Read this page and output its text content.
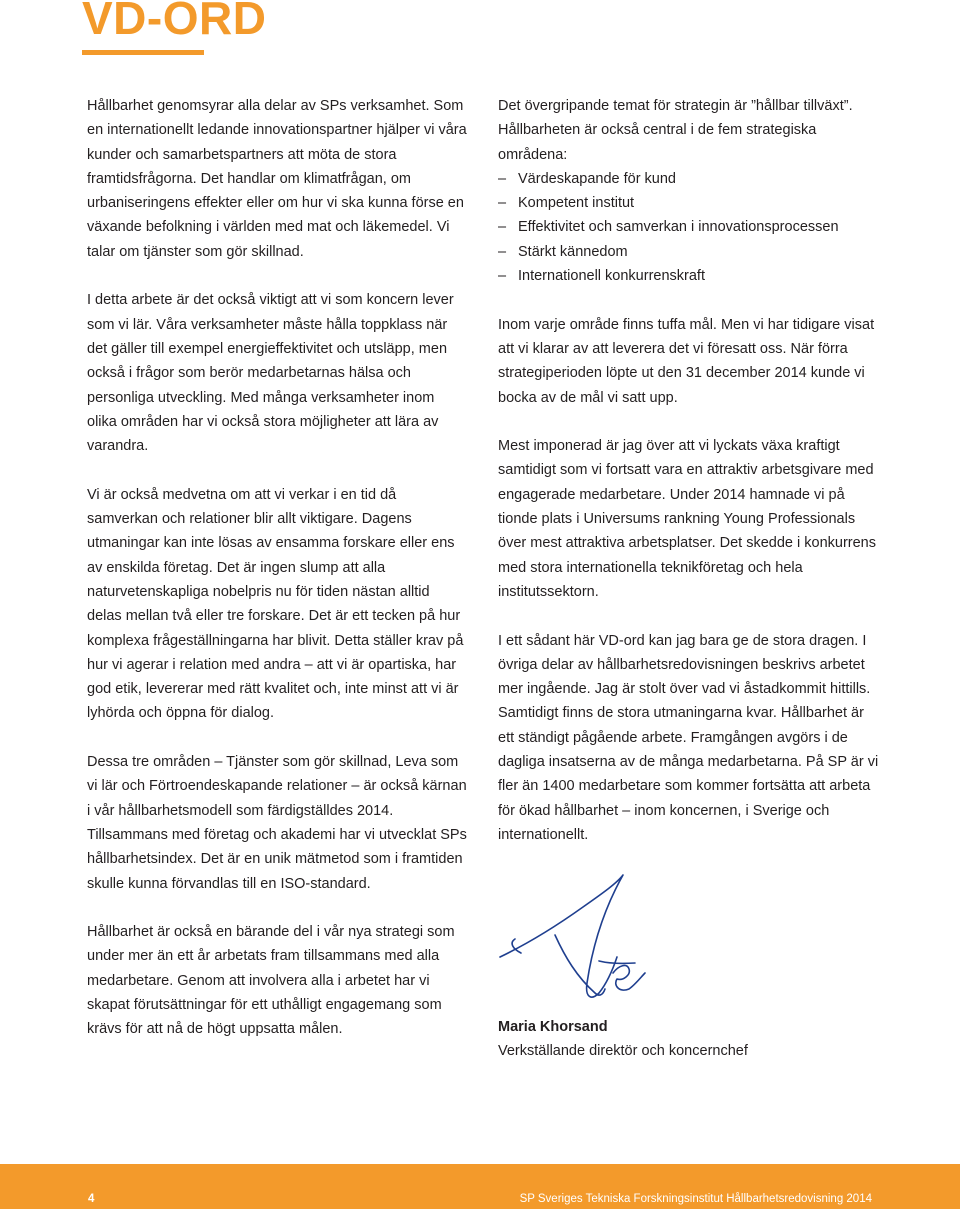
VD-ORD

Hållbarhet genomsyrar alla delar av SPs verksamhet. Som en internationellt ledande innovationspartner hjälper vi våra kunder och samarbetspartners att möta de stora framtidsfrågorna. Det handlar om klimatfrågan, om urbaniseringens effekter eller om hur vi ska kunna förse en växande befolkning i världen med mat och läkemedel. Vi talar om tjänster som gör skillnad.

I detta arbete är det också viktigt att vi som koncern lever som vi lär. Våra verksamheter måste hålla toppklass när det gäller till exempel energieffektivitet och utsläpp, men också i frågor som berör medarbetarnas hälsa och personliga utveckling. Med många verksamheter inom olika områden har vi också stora möjligheter att lära av varandra.

Vi är också medvetna om att vi verkar i en tid då samverkan och relationer blir allt viktigare. Dagens utmaningar kan inte lösas av ensamma forskare eller ens av enskilda företag. Det är ingen slump att alla naturvetenskapliga nobelpris nu för tiden nästan alltid delas mellan två eller tre forskare. Det är ett tecken på hur komplexa frågeställningarna har blivit. Detta ställer krav på hur vi agerar i relation med andra – att vi är opartiska, har god etik, levererar med rätt kvalitet och, inte minst att vi är lyhörda och öppna för dialog.

Dessa tre områden – Tjänster som gör skillnad, Leva som vi lär och Förtroendeskapande relationer – är också kärnan i vår hållbarhetsmodell som färdigställdes 2014. Tillsammans med företag och akademi har vi utvecklat SPs hållbarhetsindex. Det är en unik mätmetod som i framtiden skulle kunna förvandlas till en ISO-standard.

Hållbarhet är också en bärande del i vår nya strategi som under mer än ett år arbetats fram tillsammans med alla medarbetare. Genom att involvera alla i arbetet har vi skapat förutsättningar för ett uthålligt engagemang som krävs för att nå de högt uppsatta målen.

Det övergripande temat för strategin är ”hållbar tillväxt”. Hållbarheten är också central i de fem strategiska områdena:

– Värdeskapande för kund
– Kompetent institut
– Effektivitet och samverkan i innovationsprocessen
– Stärkt kännedom
– Internationell konkurrenskraft

Inom varje område finns tuffa mål. Men vi har tidigare visat att vi klarar av att leverera det vi föresatt oss. När förra strategiperioden löpte ut den 31 december 2014 kunde vi bocka av de mål vi satt upp.

Mest imponerad är jag över att vi lyckats växa kraftigt samtidigt som vi fortsatt vara en attraktiv arbetsgivare med engagerade medarbetare. Under 2014 hamnade vi på tionde plats i Universums rankning Young Professionals över mest attraktiva arbetsplatser. Det skedde i konkurrens med stora internationella teknikföretag och hela institutssektorn.

I ett sådant här VD-ord kan jag bara ge de stora dragen. I övriga delar av hållbarhetsredovisningen beskrivs arbetet mer ingående. Jag är stolt över vad vi åstadkommit hittills. Samtidigt finns de stora utmaningarna kvar. Hållbarhet är ett ständigt pågående arbete. Framgången avgörs i de dagliga insatserna av de många medarbetarna. På SP är vi fler än 1400 medarbetare som kommer fortsätta att arbeta för ökad hållbarhet – inom koncernen, i Sverige och internationellt.

Maria Khorsand

Verkställande direktör och koncernchef

4	SP Sveriges Tekniska Forskningsinstitut Hållbarhetsredovisning 2014
